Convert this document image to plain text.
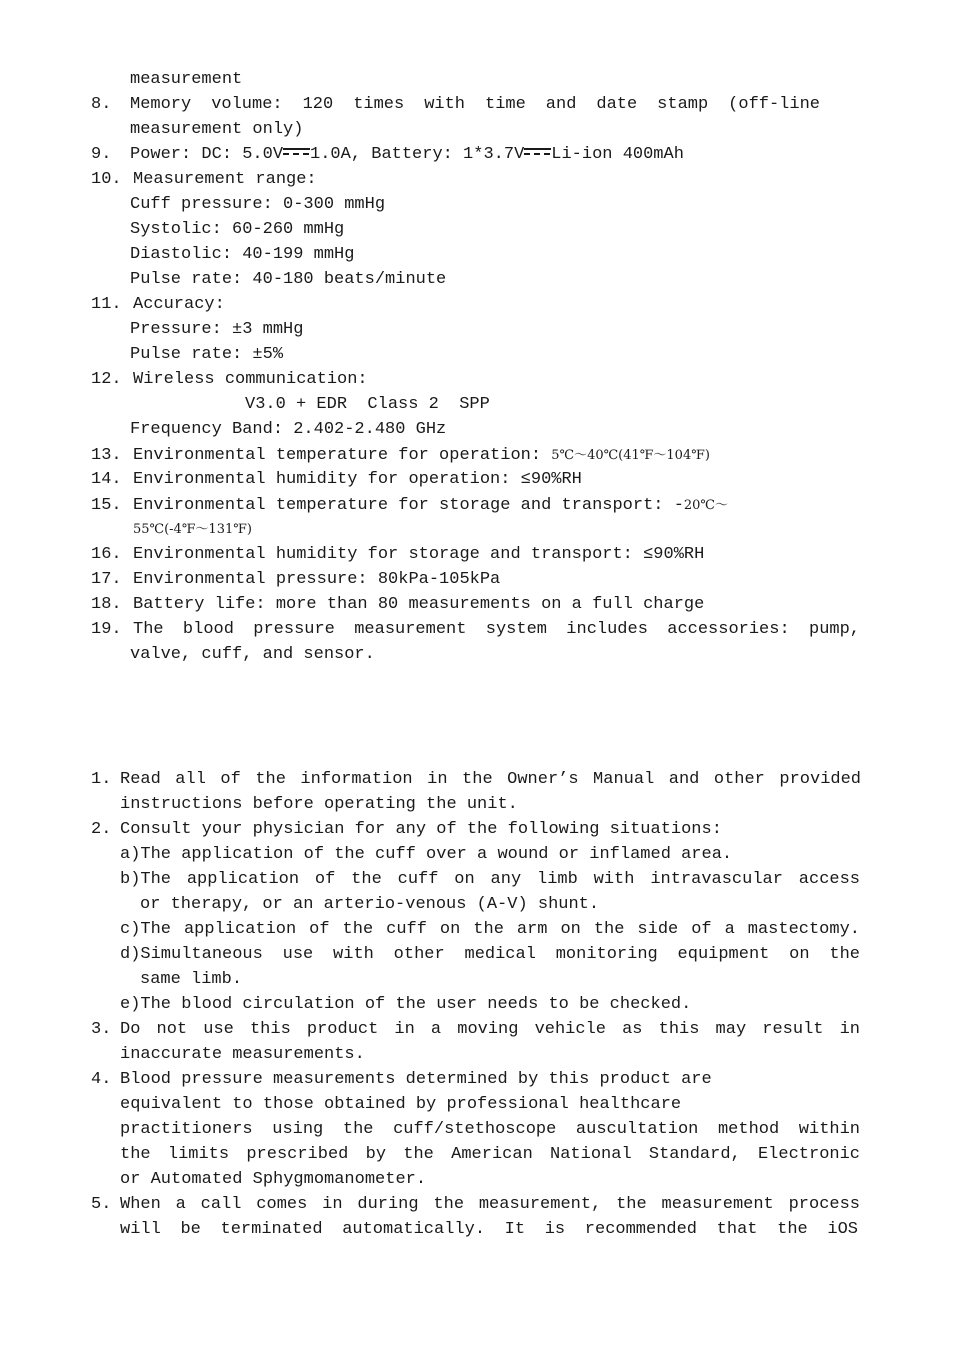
measurement
8. Memory volume: 120 times with time and date stamp (off-line
measurement only)
9. Power: DC: 5.0V 1.0A, Battery: 1*3.7V Li-ion 400mAh
10. Measurement range:
Cuff pressure: 0-300 mmHg
Systolic: 60-260 mmHg
Diastolic: 40-199 mmHg
Pulse rate: 40-180 beats/minute
11. Accuracy:
Pressure: ±3 mmHg
Pulse rate: ±5%
12. Wireless communication:
V3.0 + EDR  Class 2  SPP
Frequency Band: 2.402-2.480 GHz
13. Environmental temperature for operation: 5℃～40℃(41℉～104℉)
14. Environmental humidity for operation: ≤90%RH
15. Environmental temperature for storage and transport: -20℃～
55℃(-4℉～131℉)
16. Environmental humidity for storage and transport: ≤90%RH
17. Environmental pressure: 80kPa-105kPa
18. Battery life: more than 80 measurements on a full charge
19. The blood pressure measurement system includes accessories: pump,
valve, cuff, and sensor.
1. Read all of the information in the Owner’s Manual and other provided
instructions before operating the unit.
2. Consult your physician for any of the following situations:
a)The application of the cuff over a wound or inflamed area.
b)The application of the cuff on any limb with intravascular access
or therapy, or an arterio-venous (A-V) shunt.
c)The application of the cuff on the arm on the side of a mastectomy.
d)Simultaneous use with other medical monitoring equipment on the
same limb.
e)The blood circulation of the user needs to be checked.
3. Do not use this product in a moving vehicle as this may result in
inaccurate measurements.
4. Blood pressure measurements determined by this product are
equivalent to those obtained by professional healthcare
practitioners using the cuff/stethoscope auscultation method within
the limits prescribed by the American National Standard, Electronic
or Automated Sphygmomanometer.
5. When a call comes in during the measurement, the measurement process
will be terminated automatically. It is recommended that the iOS
